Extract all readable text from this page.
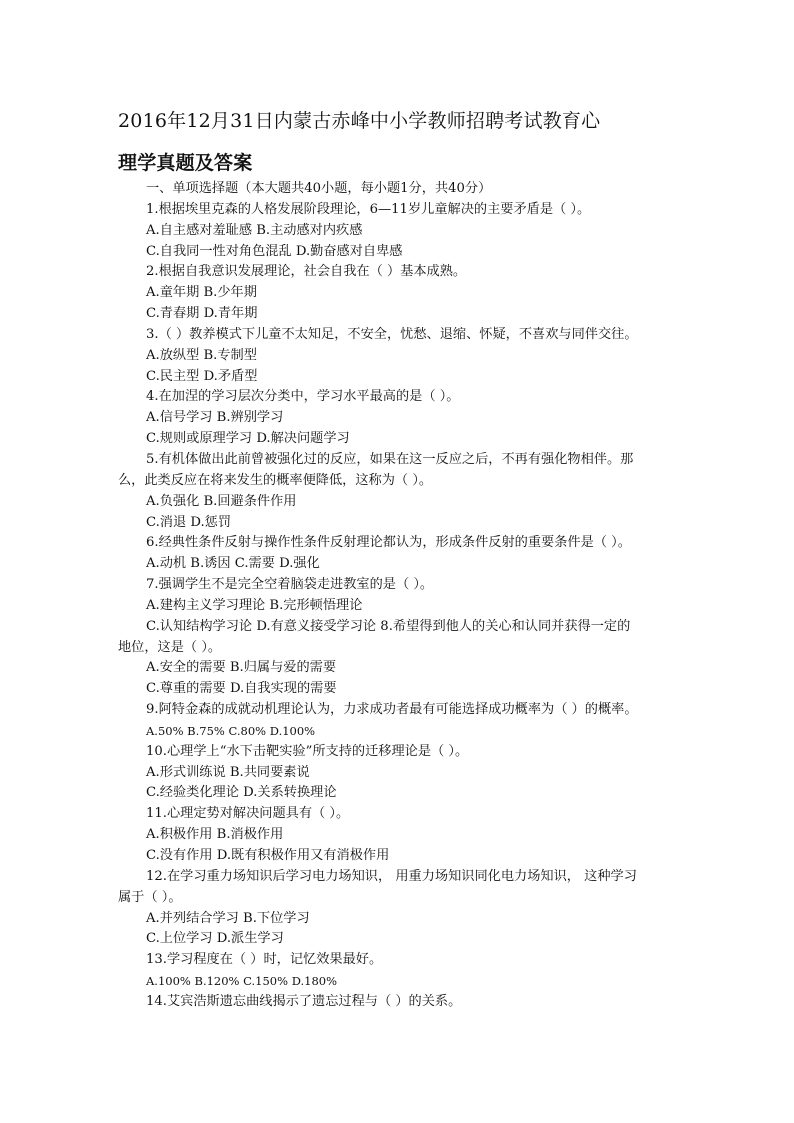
2016年12月31日内蒙古赤峰中小学教师招聘考试教育心
理学真题及答案
一、单项选择题（本大题共40小题，每小题1分，共40分）
1.根据埃里克森的人格发展阶段理论，6—11岁儿童解决的主要矛盾是（ ）。
A.自主感对羞耻感 B.主动感对内疚感
C.自我同一性对角色混乱 D.勤奋感对自卑感
2.根据自我意识发展理论，社会自我在（ ）基本成熟。
A.童年期 B.少年期
C.青春期 D.青年期
3.（ ）教养模式下儿童不太知足，不安全，忧愁、退缩、怀疑，不喜欢与同伴交往。
A.放纵型 B.专制型
C.民主型 D.矛盾型
4.在加涅的学习层次分类中，学习水平最高的是（ ）。
A.信号学习 B.辨别学习
C.规则或原理学习 D.解决问题学习
5.有机体做出此前曾被强化过的反应，如果在这一反应之后，不再有强化物相伴。那
么，此类反应在将来发生的概率便降低，这称为（ ）。
A.负强化 B.回避条件作用
C.消退 D.惩罚
6.经典性条件反射与操作性条件反射理论都认为，形成条件反射的重要条件是（ ）。
A.动机 B.诱因 C.需要 D.强化
7.强调学生不是完全空着脑袋走进教室的是（ ）。
A.建构主义学习理论 B.完形顿悟理论
C.认知结构学习论 D.有意义接受学习论 8.希望得到他人的关心和认同并获得一定的
地位，这是（ ）。
A.安全的需要 B.归属与爱的需要
C.尊重的需要 D.自我实现的需要
9.阿特金森的成就动机理论认为，力求成功者最有可能选择成功概率为（ ）的概率。
A.50% B.75% C.80% D.100%
10.心理学上“水下击靶实验”所支持的迁移理论是（ ）。
A.形式训练说 B.共同要素说
C.经验类化理论 D.关系转换理论
11.心理定势对解决问题具有（ ）。
A.积极作用 B.消极作用
C.没有作用 D.既有积极作用又有消极作用
12.在学习重力场知识后学习电力场知识， 用重力场知识同化电力场知识， 这种学习
属于（ ）。
A.并列结合学习 B.下位学习
C.上位学习 D.派生学习
13.学习程度在（ ）时，记忆效果最好。
A.100% B.120% C.150% D.180%
14.艾宾浩斯遗忘曲线揭示了遗忘过程与（ ）的关系。
